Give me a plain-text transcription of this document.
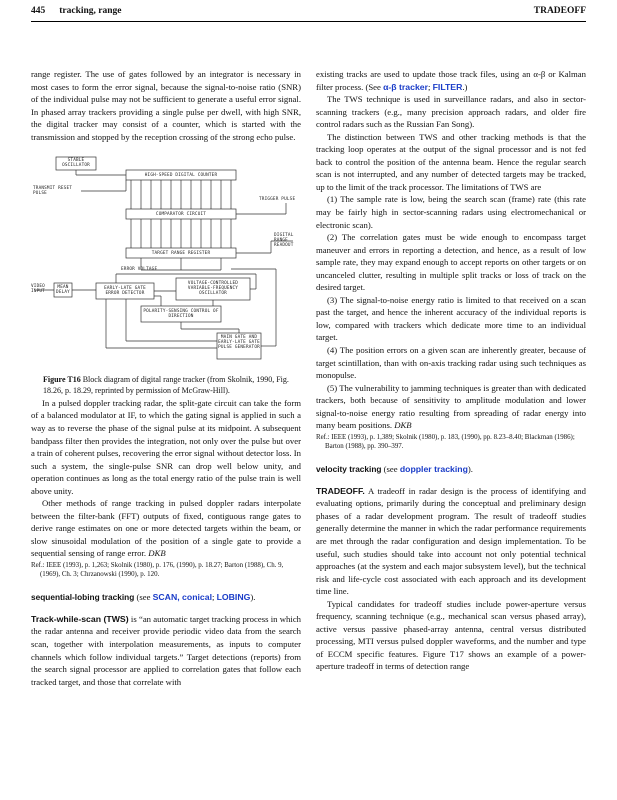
445 tracking, range	TRADEOFF

range register. The use of gates followed by an integrator is necessary in most cases to form the error signal, because the signal-to-noise ratio (SNR) of the individual pulse may not be sufficient to generate a useful error signal. In phased array trackers providing a single pulse per dwell, with high SNR, the digital tracker may consist of a counter, which is started with the transmission and stopped by the reception crossing of the strong echo pulse.

STABLE OSCILLATOR
HIGH-SPEED DIGITAL COUNTER
TRANSMIT RESET PULSE
COMPARATOR CIRCUIT
TRIGGER PULSE
TARGET RANGE REGISTER
DIGITAL RANGE READOUT
ERROR VOLTAGE
VIDEO INPUT
MEAN DELAY
EARLY-LATE GATE ERROR DETECTOR
VOLTAGE-CONTROLLED VARIABLE-FREQUENCY OSCILLATOR
POLARITY-SENSING CONTROL OF DIRECTION
MAIN GATE AND EARLY-LATE GATE PULSE GENERATOR

Figure T16 Block diagram of digital range tracker (from Skolnik, 1990, Fig. 18.26, p. 18.29, reprinted by permission of McGraw-Hill).

In a pulsed doppler tracking radar, the split-gate circuit can take the form of a balanced modulator at IF, to which the gating signal is applied in such a way as to reverse the phase of the signal pulse at its midpoint. A subsequent bandpass filter then provides the integration, not only over the pulse but over a train of coherent pulses, recovering the error signal without detector loss. In such a system, the single-pulse SNR can drop well below unity, and operation continues as long as the total energy ratio of the pulse train is well above unity.

Other methods of range tracking in pulsed doppler radars interpolate between the filter-bank (FFT) outputs of fixed, contiguous range gates to derive range estimates on one or more detected targets within the beam, or slow sinusoidal modulation of the position of a single gate to provide a sequential sensing of range error. DKB

Ref.: IEEE (1993), p. 1,263; Skolnik (1980), p. 176, (1990), p. 18.27; Barton (1988), Ch. 9, (1969), Ch. 3; Chrzanowski (1990), p. 120.

sequential-lobing tracking (see SCAN, conical; LOBING).

Track-while-scan (TWS) is “an automatic target tracking process in which the radar antenna and receiver provide periodic video data from the search scan, together with interpolation measurements, as inputs to computer channels which follow individual targets.” Target detections (reports) from the search signal processor are applied to correlation gates that follow each tracked target, and those that correlate with

existing tracks are used to update those track files, using an α-β or Kalman filter process. (See α-β tracker; FILTER.)

The TWS technique is used in surveillance radars, and also in sector-scanning trackers (e.g., many precision approach radars, and older fire control radars such as the Russian Fan Song).

The distinction between TWS and other tracking methods is that the tracking loop operates at the output of the signal processor and is not fed back to control the position of the antenna beam. Hence the regular search scan is not interrupted, and any number of detected targets may be tracked, up to the limit of the track processor. The limitations of TWS are

(1) The sample rate is low, being the search scan (frame) rate (this rate may be fairly high in sector-scanning radars using electromechanical or electronic scan).

(2) The correlation gates must be wide enough to encompass target maneuver and errors in reporting a detection, and hence, as a result of low sample rate, they may expand enough to accept reports on other targets or on uncanceled clutter, resulting in multiple split tracks or loss of track on the desired target.

(3) The signal-to-noise energy ratio is limited to that received on a scan past the target, and hence the inherent accuracy of the individual reports is low, compared with trackers which dedicate more time to an individual target.

(4) The position errors on a given scan are inherently greater, because of target scintillation, than with on-axis tracking radar using such techniques as monopulse.

(5) The vulnerability to jamming techniques is greater than with dedicated trackers, both because of sensitivity to amplitude modulation and lower signal-to-noise energy ratio resulting from spreading of radar energy into many beam positions. DKB

Ref.: IEEE (1993), p. 1,389; Skolnik (1980), p. 183, (1990), pp. 8.23–8.40; Blackman (1986); Barton (1988), pp. 390–397.

velocity tracking (see doppler tracking).

TRADEOFF. A tradeoff in radar design is the process of identifying and evaluating options, primarily during the conceptual and preliminary design phases of a radar development program. The result of tradeoff studies generally determine the manner in which the radar performance requirements are met through the radar configuration and design implementation. To be useful, such studies should take into account not only potential technical approaches (at the system and each major subsystem level), but the technical risk and life-cycle cost associated with each approach and its development time line.

Typical candidates for tradeoff studies include power-aperture versus frequency, scanning technique (e.g., mechanical scan versus phased array), active versus passive phased-array antenna, central versus distributed processing, MTI versus pulsed doppler waveforms, and the number and type of ECCM specific features. Figure T17 shows an example of a power-aperture tradeoff in terms of detection range
